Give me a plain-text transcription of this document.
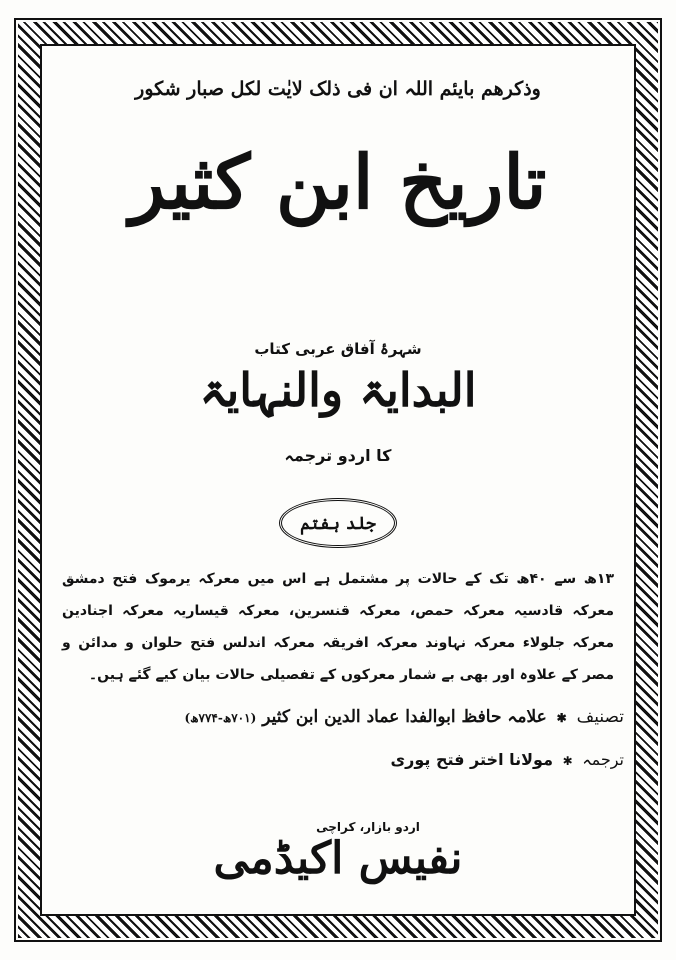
وذکرھم بایئم اللہ ان فی ذلک لایٰت لکل صبار شکور
تاریخ ابن کثیر
شہرۂ آفاق عربی کتاب
البدایۃ والنہایۃ
کا اردو ترجمہ
جلد ہفتم
۱۳ھ سے ۴۰ھ تک کے حالات پر مشتمل ہے اس میں معرکہ یرموک فتح دمشق معرکہ قادسیہ معرکہ حمص، معرکہ قنسرین، معرکہ قیساریہ معرکہ اجنادین معرکہ جلولاء معرکہ نہاوند معرکہ افریقہ معرکہ اندلس فتح حلوان و مدائن و مصر کے علاوہ اور بھی بے شمار معرکوں کے تفصیلی حالات بیان کیے گئے ہیں۔
تصنیف ✱ علامہ حافظ ابوالفدا عماد الدین ابن کثیر (۷۰۱ھ-۷۷۴ھ)
ترجمہ ✱ مولانا اختر فتح پوری
اردو بازار، کراچی
نفیس اکیڈمی
